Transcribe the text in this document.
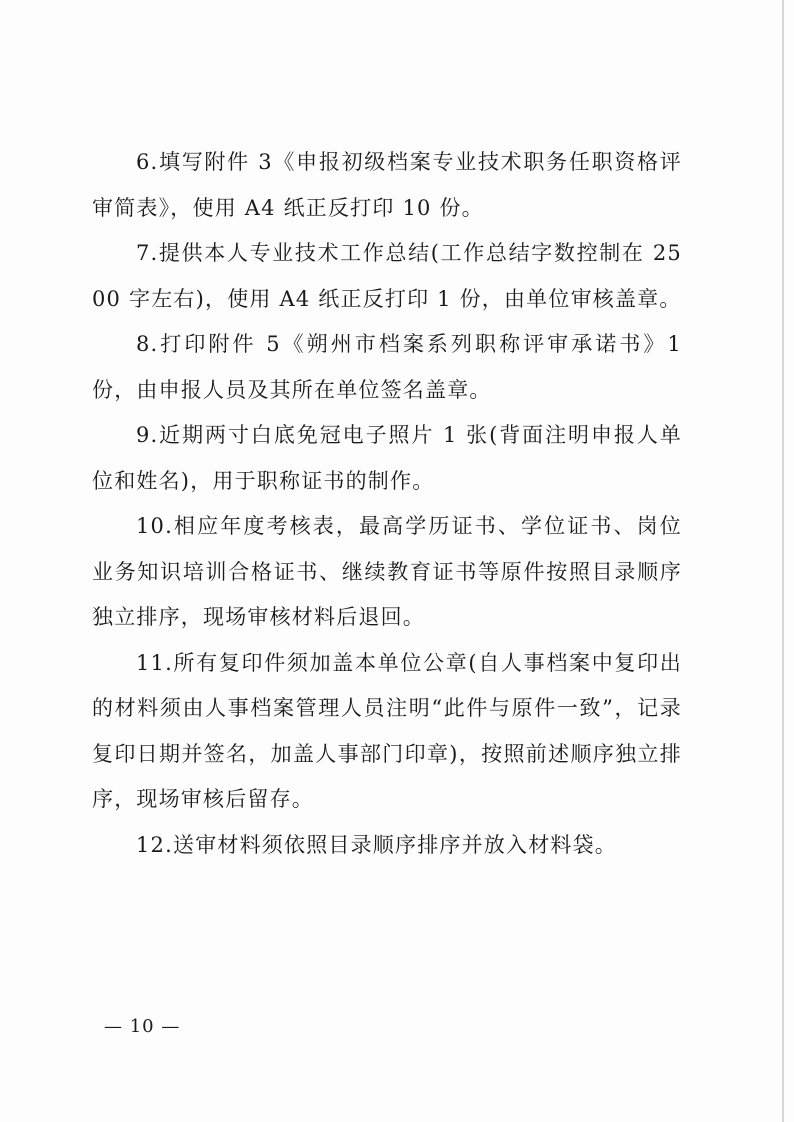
6.填写附件 3《申报初级档案专业技术职务任职资格评审简表》，使用 A4 纸正反打印 10 份。

7.提供本人专业技术工作总结(工作总结字数控制在 2500 字左右)，使用 A4 纸正反打印 1 份，由单位审核盖章。

8.打印附件 5《朔州市档案系列职称评审承诺书》1 份，由申报人员及其所在单位签名盖章。

9.近期两寸白底免冠电子照片 1 张(背面注明申报人单位和姓名)，用于职称证书的制作。

10.相应年度考核表，最高学历证书、学位证书、岗位业务知识培训合格证书、继续教育证书等原件按照目录顺序独立排序，现场审核材料后退回。

11.所有复印件须加盖本单位公章(自人事档案中复印出的材料须由人事档案管理人员注明“此件与原件一致”，记录复印日期并签名，加盖人事部门印章)，按照前述顺序独立排序，现场审核后留存。

12.送审材料须依照目录顺序排序并放入材料袋。

— 10 —
